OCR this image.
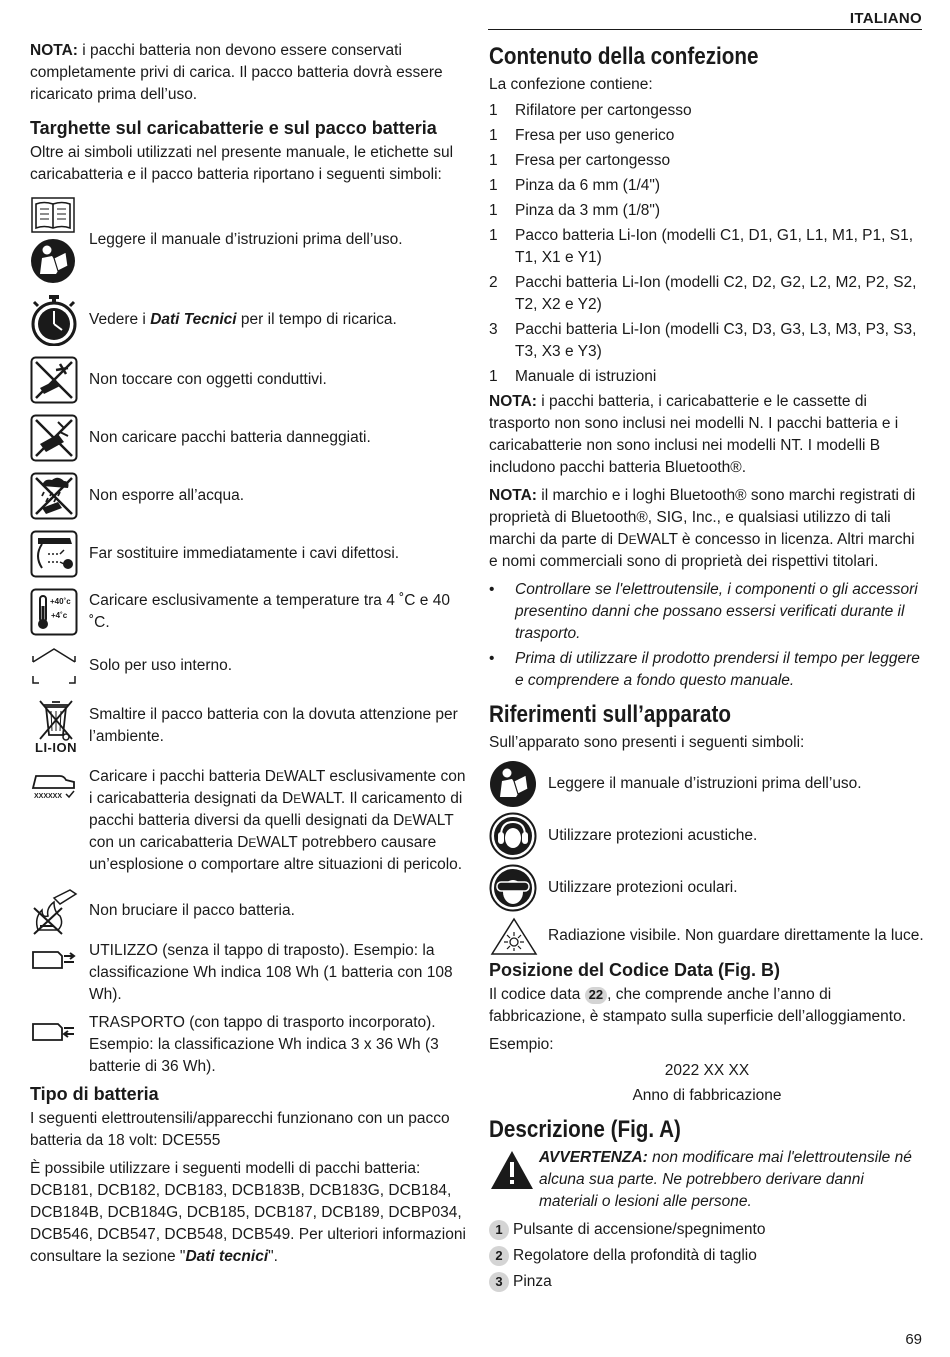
ITALIANO

NOTA: i pacchi batteria non devono essere conservati completamente privi di carica. Il pacco batteria dovrà essere ricaricato prima dell’uso.

Targhette sul caricabatterie e sul pacco batteria

Oltre ai simboli utilizzati nel presente manuale, le etichette sul caricabatteria e il pacco batteria riportano i seguenti simboli:

Leggere il manuale d’istruzioni prima dell’uso.
Vedere i Dati Tecnici per il tempo di ricarica.
Non toccare con oggetti conduttivi.
Non caricare pacchi batteria danneggiati.
Non esporre all’acqua.
Far sostituire immediatamente i cavi difettosi.
+40˚c
+4˚c
Caricare esclusivamente a temperature tra 4 ˚C e 40 ˚C.
Solo per uso interno.
LI-ION
Smaltire il pacco batteria con la dovuta attenzione per l’ambiente.
XXXXXX
Caricare i pacchi batteria DEWALT esclusivamente con i caricabatteria designati da DEWALT. Il caricamento di pacchi batteria diversi da quelli designati da DEWALT con un caricabatteria DEWALT potrebbero causare un’esplosione o comportare altre situazioni di pericolo.
Non bruciare il pacco batteria.
UTILIZZO (senza il tappo di traposto). Esempio: la classificazione Wh indica 108 Wh (1 batteria con 108 Wh).
TRASPORTO (con tappo di trasporto incorporato). Esempio: la classificazione Wh indica 3 x 36 Wh (3 batterie di 36 Wh).
Tipo di batteria

I seguenti elettroutensili/apparecchi funzionano con un pacco batteria da 18 volt: DCE555

È possibile utilizzare i seguenti modelli di pacchi batteria: DCB181, DCB182, DCB183, DCB183B, DCB183G, DCB184, DCB184B, DCB184G, DCB185, DCB187, DCB189, DCBP034, DCB546, DCB547, DCB548, DCB549. Per ulteriori informazioni consultare la sezione "Dati tecnici".

Contenuto della confezione

La confezione contiene:

1	Rifilatore per cartongesso
1	Fresa per uso generico
1	Fresa per cartongesso
1	Pinza da 6 mm (1/4")
1	Pinza da 3 mm (1/8")
1	Pacco batteria Li-Ion (modelli C1, D1, G1, L1, M1, P1, S1, T1, X1 e Y1)
2	Pacchi batteria Li-Ion (modelli C2, D2, G2, L2, M2, P2, S2, T2, X2 e Y2)
3	Pacchi batteria Li-Ion (modelli C3, D3, G3, L3, M3, P3, S3, T3, X3 e Y3)
1	Manuale di istruzioni

NOTA: i pacchi batteria, i caricabatterie e le cassette di trasporto non sono inclusi nei modelli N. I pacchi batteria e i caricabatterie non sono inclusi nei modelli NT. I modelli B includono pacchi batteria Bluetooth®.

NOTA: il marchio e i loghi Bluetooth® sono marchi registrati di proprietà di Bluetooth®, SIG, Inc., e qualsiasi utilizzo di tali marchi da parte di DEWALT è concesso in licenza. Altri marchi e nomi commerciali sono di proprietà dei rispettivi titolari.

•	Controllare se l'elettroutensile, i componenti o gli accessori presentino danni che possano essersi verificati durante il trasporto.
•	Prima di utilizzare il prodotto prendersi il tempo per leggere e comprendere a fondo questo manuale.
Riferimenti sull’apparato

Sull’apparato sono presenti i seguenti simboli:

Leggere il manuale d’istruzioni prima dell’uso.
Utilizzare protezioni acustiche.
Utilizzare protezioni oculari.
Radiazione visibile. Non guardare direttamente la luce.
Posizione del Codice Data (Fig. B)

Il codice data 22 , che comprende anche l’anno di fabbricazione, è stampato sulla superficie dell’alloggiamento.

Esempio:

2022 XX XX

Anno di fabbricazione

Descrizione (Fig. A)
AVVERTENZA: non modificare mai l'elettroutensile né alcuna sua parte. Ne potrebbero derivare danni materiali o lesioni alle persone.
1 Pulsante di accensione/spegnimento
2 Regolatore della profondità di taglio
3 Pinza
69
